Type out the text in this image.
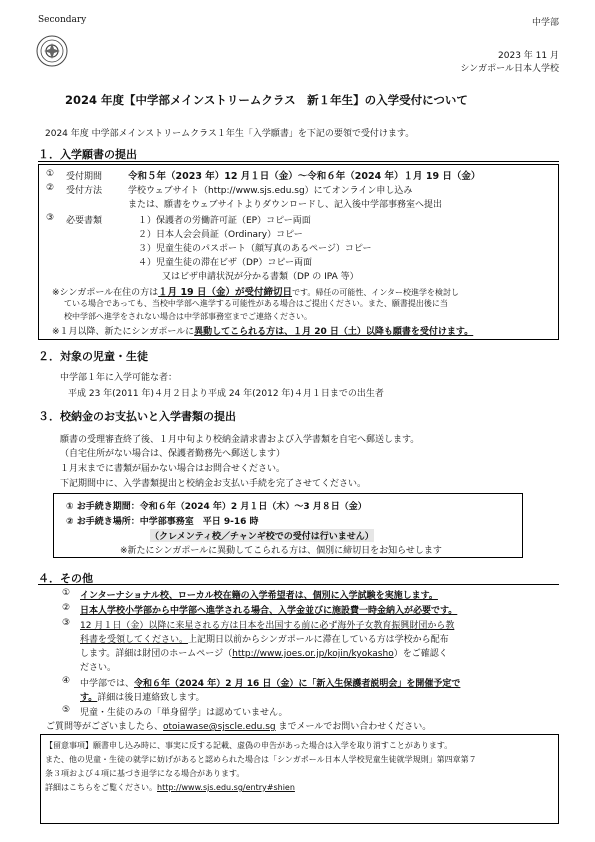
Secondary	中学部
2023 年 11 月
シンガポール日本人学校
2024 年度【中学部メインストリームクラス　新１年生】の入学受付について
2024 年度 中学部メインストリームクラス１年生「入学願書」を下記の要領で受付けます。
１．入学願書の提出
① 受付期間	令和５年（2023 年）12 月１日（金）～令和６年（2024 年）１月 19 日（金）
② 受付方法	学校ウェブサイト（http://www.sjs.edu.sg）にてオンライン申し込み
または、願書をウェブサイトよりダウンロードし、記入後中学部事務室へ提出
③ 必要書類	１）保護者の労働許可証（EP）コピー両面
２）日本人会会員証（Ordinary）コピー
３）児童生徒のパスポート（顔写真のあるページ）コピー
４）児童生徒の滞在ビザ（DP）コピー両面
又はビザ申請状況が分かる書類（DP の IPA 等）
※シンガポール在住の方は１月 19 日（金）が受付締切日です。帰任の可能性、インター校進学を検討し
ている場合であっても、当校中学部へ進学する可能性がある場合はご提出ください。また、願書提出後に当
校中学部へ進学をされない場合は中学部事務室までご連絡ください。
※１月以降、新たにシンガポールに異動してこられる方は、１月 20 日（土）以降も願書を受付けます。
２．対象の児童・生徒
中学部１年に入学可能な者：
平成 23 年(2011 年)４月２日より平成 24 年(2012 年)４月１日までの出生者
３．校納金のお支払いと入学書類の提出
願書の受理審査終了後、１月中旬より校納金請求書および入学書類を自宅へ郵送します。
（自宅住所がない場合は、保護者勤務先へ郵送します）
１月末までに書類が届かない場合はお問合せください。
下記期間中に、入学書類提出と校納金お支払い手続を完了させてください。
① お手続き期間：令和６年（2024 年）2 月１日（木）～3 月８日（金）
② お手続き場所：中学部事務室　平日 9-16 時
（クレメンティ校／チャンギ校での受付は行いません）
※新たにシンガポールに異動してこられる方は、個別に締切日をお知らせします
４．その他
① インターナショナル校、ローカル校在籍の入学希望者は、個別に入学試験を実施します。
② 日本人学校小学部から中学部へ進学される場合、入学金並びに施設費一時金納入が必要です。
③ 12 月１日（金）以降に来星される方は日本を出国する前に必ず海外子女教育振興財団から教
科書を受領してください。上記期日以前からシンガポールに滞在している方は学校から配布
します。詳細は財団のホームページ（http://www.joes.or.jp/kojin/kyokasho）をご確認く
ださい。
④ 中学部では、令和６年（2024 年）2 月 16 日（金）に「新入生保護者説明会」を開催予定で
す。詳細は後日連絡致します。
⑤ 児童・生徒のみの「単身留学」は認めていません。
ご質問等がございましたら、otoiawase@sjscle.edu.sg までメールでお問い合わせください。
【留意事項】願書申し込み時に、事実に反する記載、虚偽の申告があった場合は入学を取り消すことがあります。
また、他の児童・生徒の就学に妨げがあると認められた場合は「シンガポール日本人学校児童生徒就学規則」第四章第７
条３項および４項に基づき退学になる場合があります。
詳細はこちらをご覧ください。http://www.sjs.edu.sg/entry#shien
